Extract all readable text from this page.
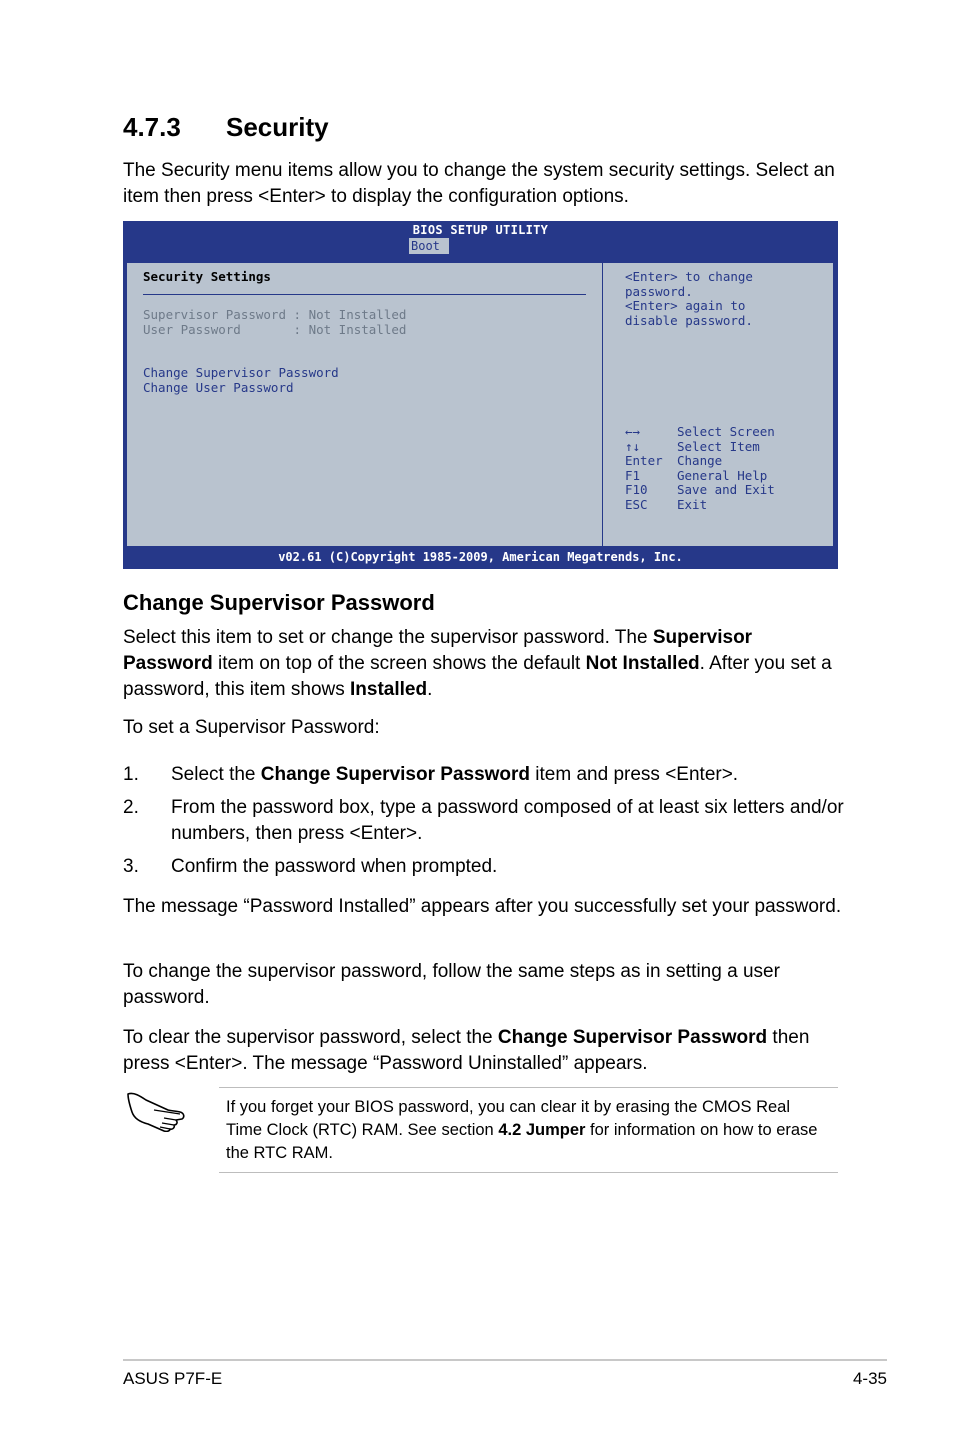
4.7.3 Security
The Security menu items allow you to change the system security settings. Select an item then press <Enter> to display the configuration options.
BIOS SETUP UTILITY
Boot
Security Settings
Supervisor Password : Not Installed
User Password       : Not Installed
Change Supervisor Password
Change User Password
<Enter> to change
password.
<Enter> again to
disable password.
←→	Select Screen
↑↓	Select Item
Enter Change
F1	General Help
F10 Save and Exit
ESC Exit
v02.61 (C)Copyright 1985-2009, American Megatrends, Inc.
Change Supervisor Password
Select this item to set or change the supervisor password. The Supervisor Password item on top of the screen shows the default Not Installed. After you set a password, this item shows Installed.
To set a Supervisor Password:
1. Select the Change Supervisor Password item and press <Enter>.
2. From the password box, type a password composed of at least six letters and/or numbers, then press <Enter>.
3. Confirm the password when prompted.
The message “Password Installed” appears after you successfully set your password.
To change the supervisor password, follow the same steps as in setting a user password.
To clear the supervisor password, select the Change Supervisor Password then press <Enter>. The message “Password Uninstalled” appears.
If you forget your BIOS password, you can clear it by erasing the CMOS Real Time Clock (RTC) RAM. See section 4.2 Jumper for information on how to erase the RTC RAM.
ASUS P7F-E	4-35
